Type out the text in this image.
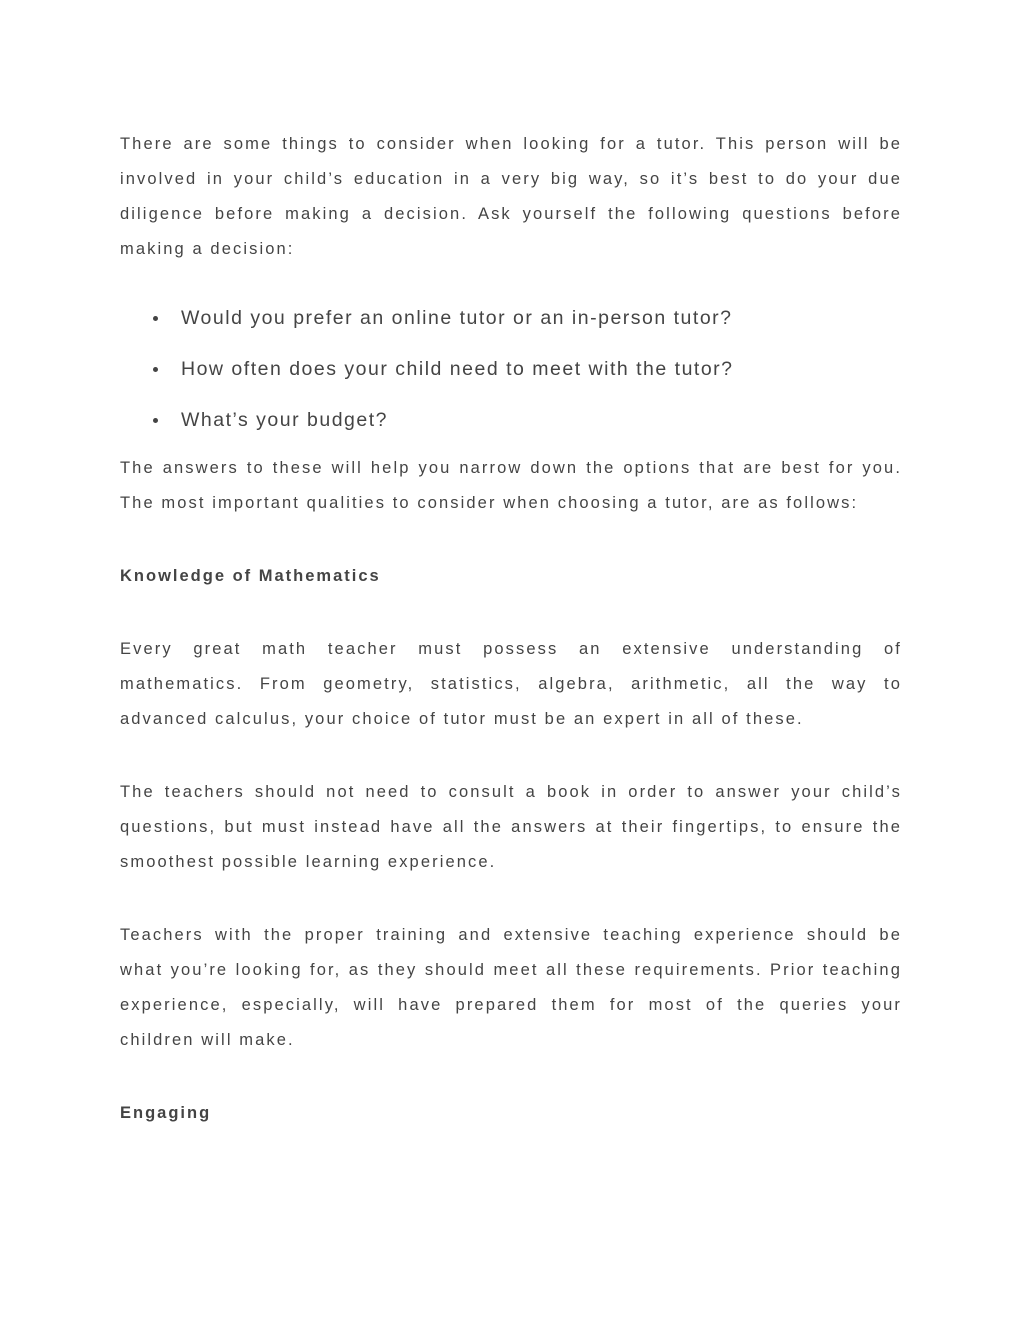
There are some things to consider when looking for a tutor. This person will be involved in your child’s education in a very big way, so it’s best to do your due diligence before making a decision. Ask yourself the following questions before making a decision:

Would you prefer an online tutor or an in-person tutor?
How often does your child need to meet with the tutor?
What’s your budget?

The answers to these will help you narrow down the options that are best for you. The most important qualities to consider when choosing a tutor, are as follows:

Knowledge of Mathematics

Every great math teacher must possess an extensive understanding of mathematics. From geometry, statistics, algebra, arithmetic, all the way to advanced calculus, your choice of tutor must be an expert in all of these.

The teachers should not need to consult a book in order to answer your child’s questions, but must instead have all the answers at their fingertips, to ensure the smoothest possible learning experience.

Teachers with the proper training and extensive teaching experience should be what you’re looking for, as they should meet all these requirements. Prior teaching experience, especially, will have prepared them for most of the queries your children will make.

Engaging
